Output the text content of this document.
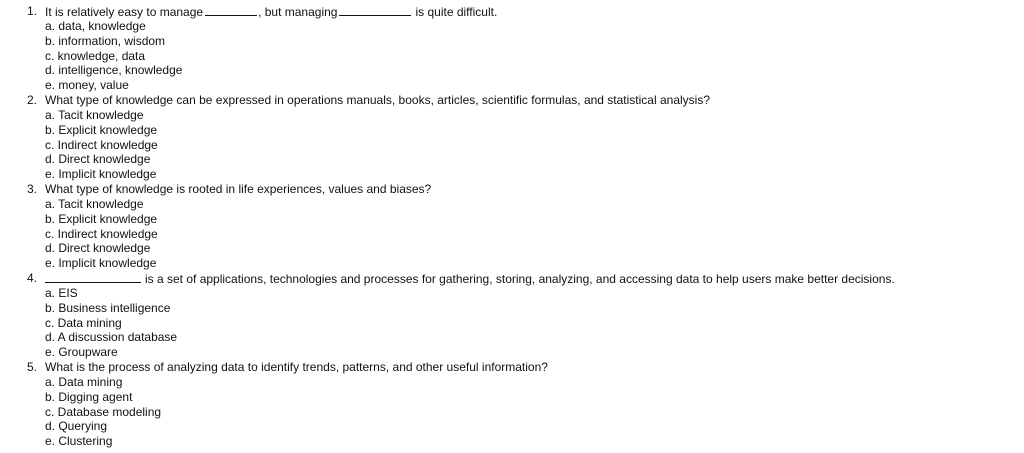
1. It is relatively easy to manage	, but managing	is quite difficult.
a. data, knowledge
b. information, wisdom
c. knowledge, data
d. intelligence, knowledge
e. money, value
2. What type of knowledge can be expressed in operations manuals, books, articles, scientific formulas, and statistical analysis?
a. Tacit knowledge
b. Explicit knowledge
c. Indirect knowledge
d. Direct knowledge
e. Implicit knowledge
3. What type of knowledge is rooted in life experiences, values and biases?
a. Tacit knowledge
b. Explicit knowledge
c. Indirect knowledge
d. Direct knowledge
e. Implicit knowledge
4.	is a set of applications, technologies and processes for gathering, storing, analyzing, and accessing data to help users make better decisions.
a. EIS
b. Business intelligence
c. Data mining
d. A discussion database
e. Groupware
5. What is the process of analyzing data to identify trends, patterns, and other useful information?
a. Data mining
b. Digging agent
c. Database modeling
d. Querying
e. Clustering
